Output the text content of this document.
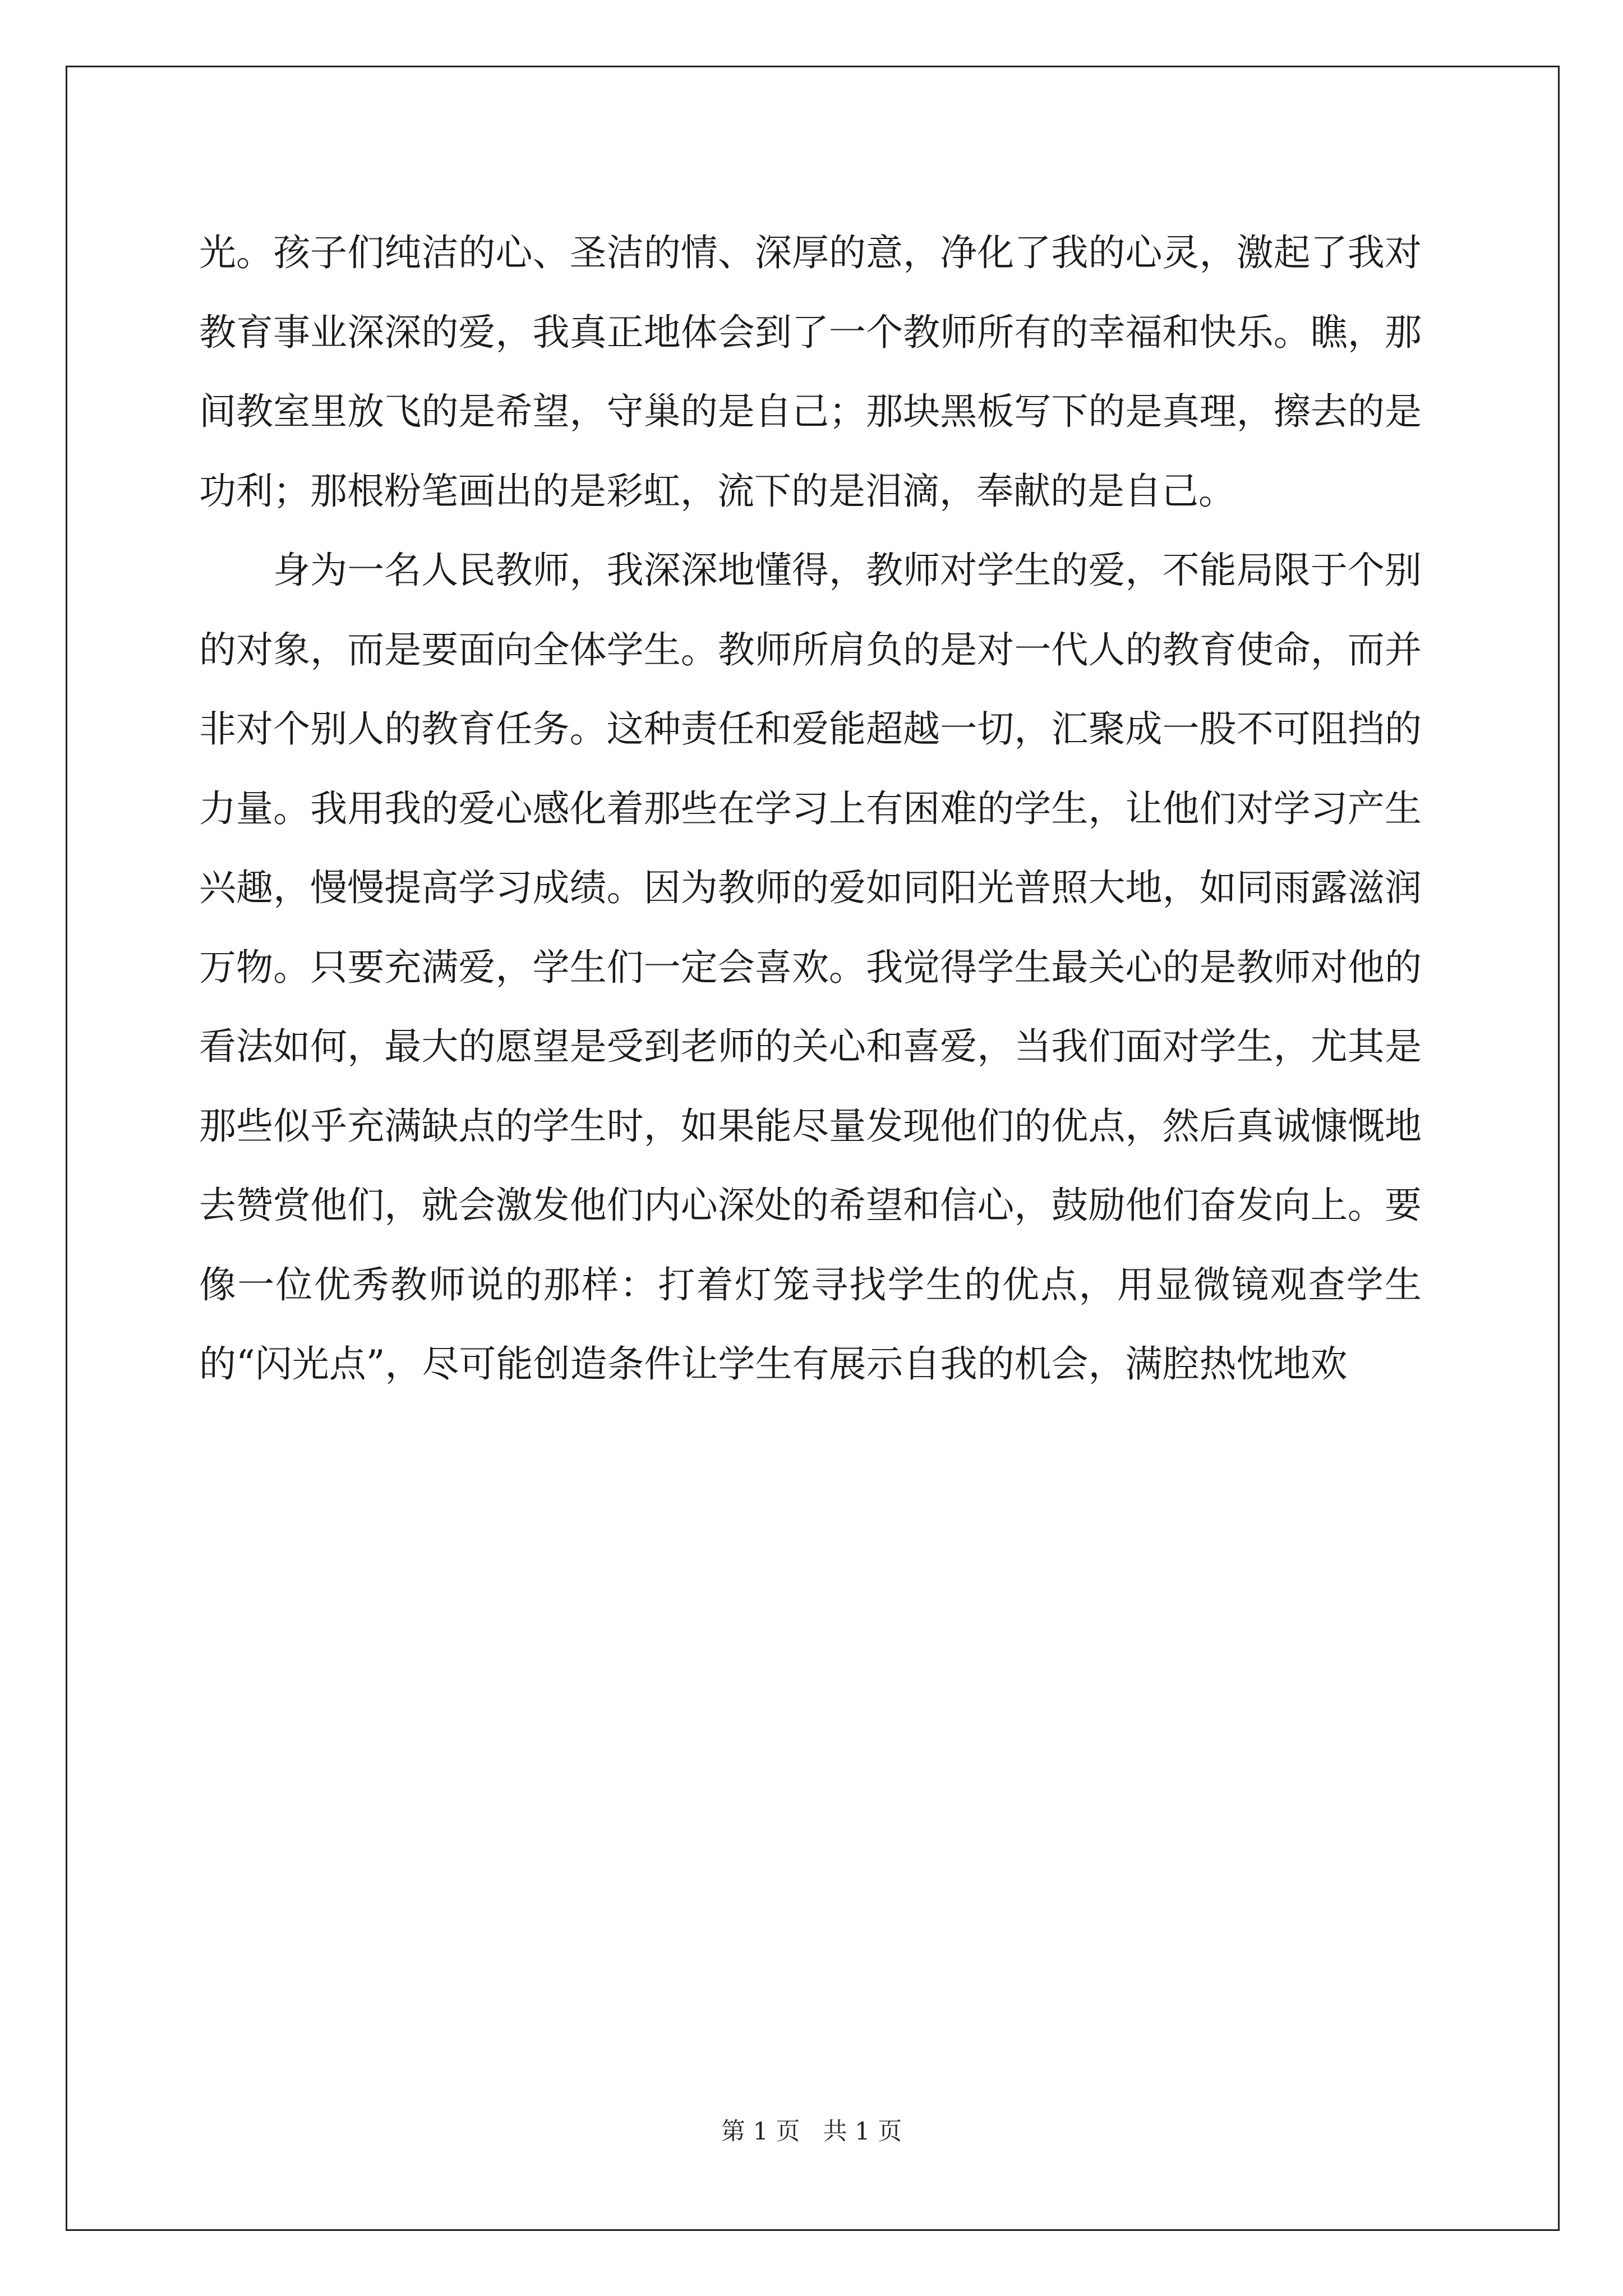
光。孩子们纯洁的心、圣洁的情、深厚的意，净化了我的心灵，激起了我对教育事业深深的爱，我真正地体会到了一个教师所有的幸福和快乐。瞧，那间教室里放飞的是希望，守巢的是自己；那块黑板写下的是真理，擦去的是功利；那根粉笔画出的是彩虹，流下的是泪滴，奉献的是自己。

身为一名人民教师，我深深地懂得，教师对学生的爱，不能局限于个别的对象，而是要面向全体学生。教师所肩负的是对一代人的教育使命，而并非对个别人的教育任务。这种责任和爱能超越一切，汇聚成一股不可阻挡的力量。我用我的爱心感化着那些在学习上有困难的学生，让他们对学习产生兴趣，慢慢提高学习成绩。因为教师的爱如同阳光普照大地，如同雨露滋润万物。只要充满爱，学生们一定会喜欢。我觉得学生最关心的是教师对他的看法如何，最大的愿望是受到老师的关心和喜爱，当我们面对学生，尤其是那些似乎充满缺点的学生时，如果能尽量发现他们的优点，然后真诚慷慨地去赞赏他们，就会激发他们内心深处的希望和信心，鼓励他们奋发向上。要像一位优秀教师说的那样：打着灯笼寻找学生的优点，用显微镜观查学生的“闪光点”，尽可能创造条件让学生有展示自我的机会，满腔热忱地欢

第 1 页   共 1 页
